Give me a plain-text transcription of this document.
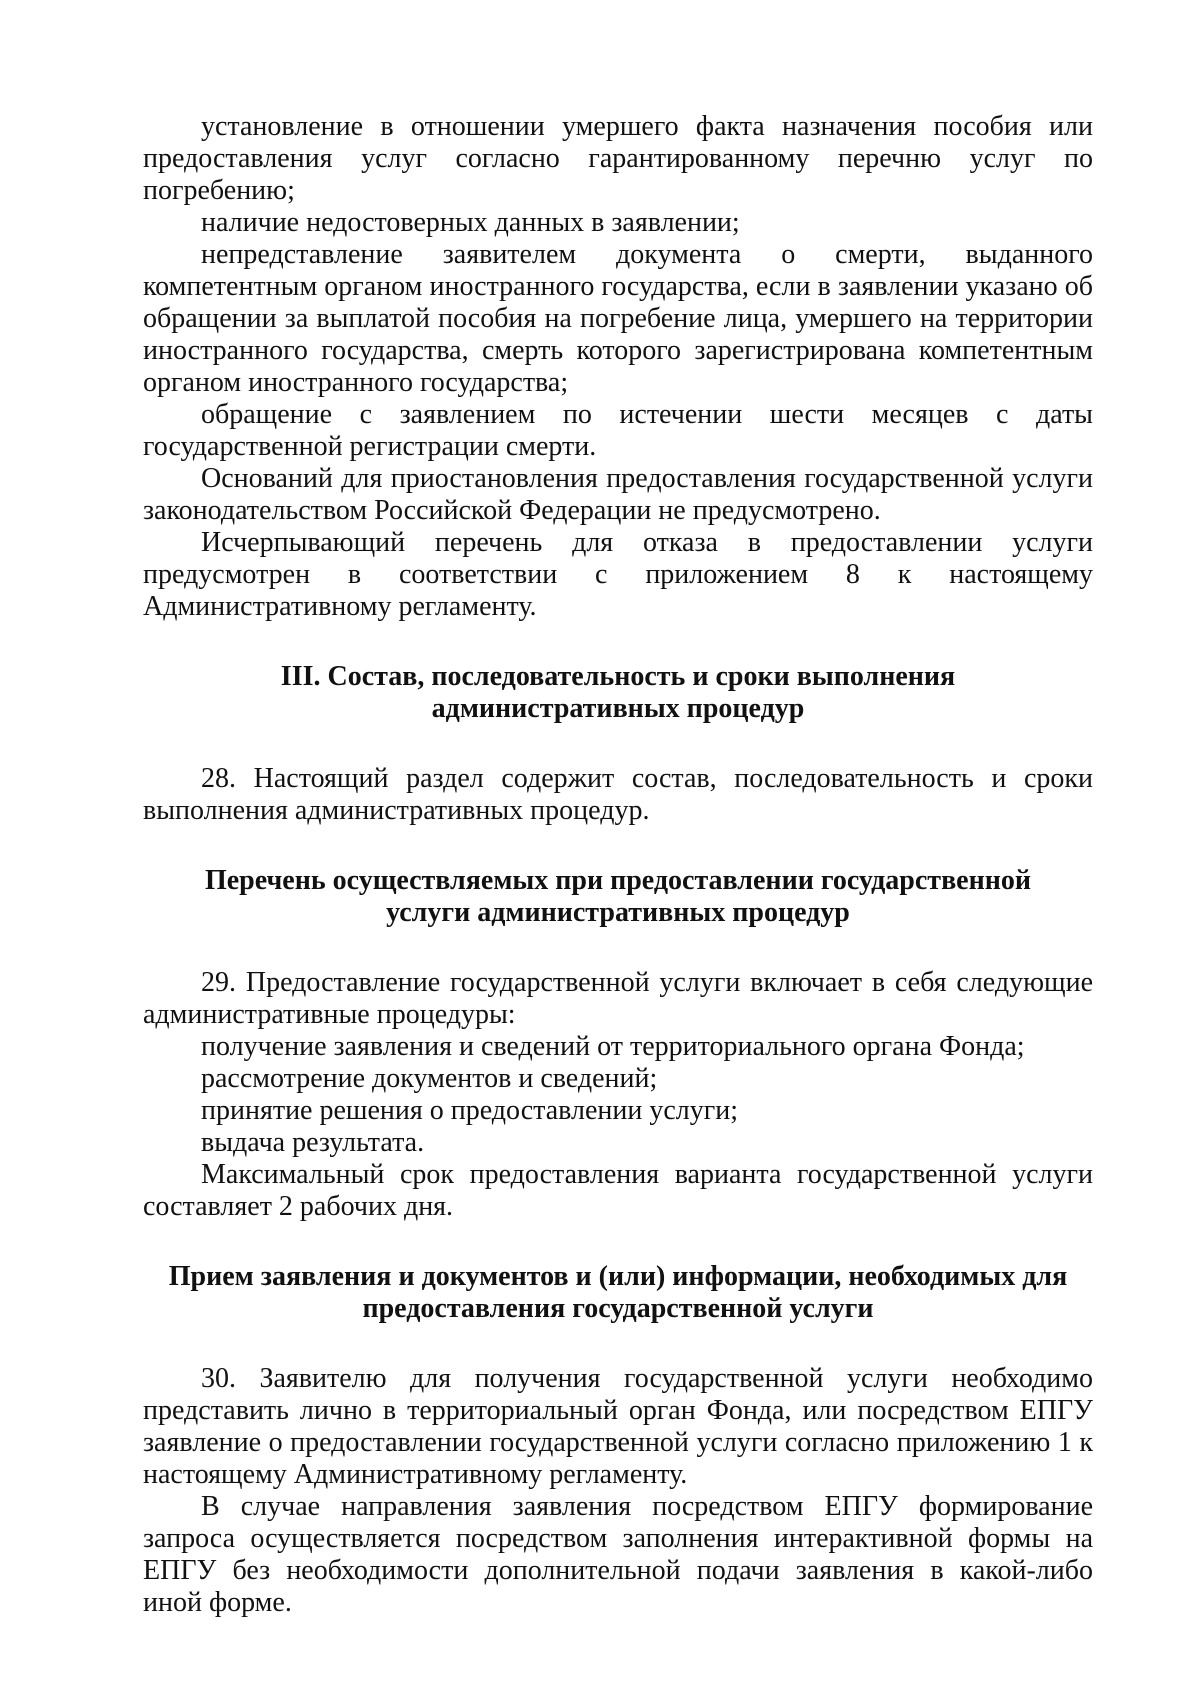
установление в отношении умершего факта назначения пособия или предоставления услуг согласно гарантированному перечню услуг по погребению;

наличие недостоверных данных в заявлении;

непредставление заявителем документа о смерти, выданного компетентным органом иностранного государства, если в заявлении указано об обращении за выплатой пособия на погребение лица, умершего на территории иностранного государства, смерть которого зарегистрирована компетентным органом иностранного государства;

обращение с заявлением по истечении шести месяцев с даты государственной регистрации смерти.

Оснований для приостановления предоставления государственной услуги законодательством Российской Федерации не предусмотрено.

Исчерпывающий перечень для отказа в предоставлении услуги предусмотрен в соответствии с приложением 8 к настоящему Административному регламенту.

III. Состав, последовательность и сроки выполнения
административных процедур

28. Настоящий раздел содержит состав, последовательность и сроки выполнения административных процедур.

Перечень осуществляемых при предоставлении государственной
услуги административных процедур

29. Предоставление государственной услуги включает в себя следующие административные процедуры:

получение заявления и сведений от территориального органа Фонда;

рассмотрение документов и сведений;

принятие решения о предоставлении услуги;

выдача результата.

Максимальный срок предоставления варианта государственной услуги составляет 2 рабочих дня.

Прием заявления и документов и (или) информации, необходимых для
предоставления государственной услуги

30. Заявителю для получения государственной услуги необходимо представить лично в территориальный орган Фонда, или посредством ЕПГУ заявление о предоставлении государственной услуги согласно приложению 1 к настоящему Административному регламенту.

В случае направления заявления посредством ЕПГУ формирование запроса осуществляется посредством заполнения интерактивной формы на ЕПГУ без необходимости дополнительной подачи заявления в какой-либо иной форме.
